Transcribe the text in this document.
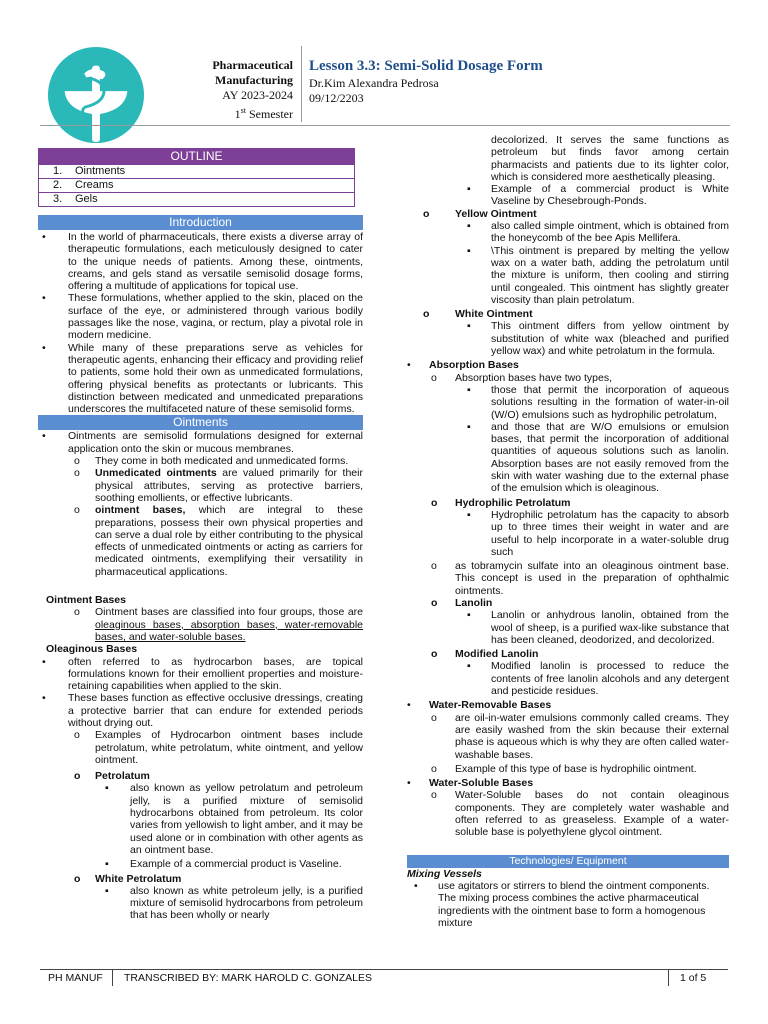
Pharmaceutical
Manufacturing
AY 2023-2024
1st Semester
Lesson 3.3: Semi-Solid Dosage Form
Dr.Kim Alexandra Pedrosa
09/12/2203
OUTLINE
1. Ointments
2. Creams
3. Gels
Introduction
• In the world of pharmaceuticals, there exists a diverse array of therapeutic formulations, each meticulously designed to cater to the unique needs of patients. Among these, ointments, creams, and gels stand as versatile semisolid dosage forms, offering a multitude of applications for topical use.
• These formulations, whether applied to the skin, placed on the surface of the eye, or administered through various bodily passages like the nose, vagina, or rectum, play a pivotal role in modern medicine.
• While many of these preparations serve as vehicles for therapeutic agents, enhancing their efficacy and providing relief to patients, some hold their own as unmedicated formulations, offering physical benefits as protectants or lubricants. This distinction between medicated and unmedicated preparations underscores the multifaceted nature of these semisolid forms.
Ointments
• Ointments are semisolid formulations designed for external application onto the skin or mucous membranes.
o They come in both medicated and unmedicated forms.
o Unmedicated ointments are valued primarily for their physical attributes, serving as protective barriers, soothing emollients, or effective lubricants.
o ointment bases, which are integral to these preparations, possess their own physical properties and can serve a dual role by either contributing to the physical effects of unmedicated ointments or acting as carriers for medicated ointments, exemplifying their versatility in pharmaceutical applications.

Ointment Bases

o Ointment bases are classified into four groups, those are oleaginous bases, absorption bases, water-removable bases, and water-soluble bases.

Oleaginous Bases

• often referred to as hydrocarbon bases, are topical formulations known for their emollient properties and moisture-retaining capabilities when applied to the skin.
• These bases function as effective occlusive dressings, creating a protective barrier that can endure for extended periods without drying out.
o Examples of Hydrocarbon ointment bases include petrolatum, white petrolatum, white ointment, and yellow ointment.
o Petrolatum
▪ also known as yellow petrolatum and petroleum jelly, is a purified mixture of semisolid hydrocarbons obtained from petroleum. Its color varies from yellowish to light amber, and it may be used alone or in combination with other agents as an ointment base.
▪ Example of a commercial product is Vaseline.
o White Petrolatum
▪ also known as white petroleum jelly, is a purified mixture of semisolid hydrocarbons from petroleum that has been wholly or nearly
decolorized. It serves the same functions as petroleum but finds favor among certain pharmacists and patients due to its lighter color, which is considered more aesthetically pleasing.
▪ Example of a commercial product is White Vaseline by Chesebrough-Ponds.
o Yellow Ointment
▪ also called simple ointment, which is obtained from the honeycomb of the bee Apis Mellifera.
▪ \This ointment is prepared by melting the yellow wax on a water bath, adding the petrolatum until the mixture is uniform, then cooling and stirring until congealed. This ointment has slightly greater viscosity than plain petrolatum.
o White Ointment
▪ This ointment differs from yellow ointment by substitution of white wax (bleached and purified yellow wax) and white petrolatum in the formula.
• Absorption Bases
o Absorption bases have two types,
▪ those that permit the incorporation of aqueous solutions resulting in the formation of water-in-oil (W/O) emulsions such as hydrophilic petrolatum,
▪ and those that are W/O emulsions or emulsion bases, that permit the incorporation of additional quantities of aqueous solutions such as lanolin. Absorption bases are not easily removed from the skin with water washing due to the external phase of the emulsion which is oleaginous.
o Hydrophilic Petrolatum
▪ Hydrophilic petrolatum has the capacity to absorb up to three times their weight in water and are useful to help incorporate in a water-soluble drug such
o as tobramycin sulfate into an oleaginous ointment base. This concept is used in the preparation of ophthalmic ointments.
o Lanolin
▪ Lanolin or anhydrous lanolin, obtained from the wool of sheep, is a purified wax-like substance that has been cleaned, deodorized, and decolorized.
o Modified Lanolin
▪ Modified lanolin is processed to reduce the contents of free lanolin alcohols and any detergent and pesticide residues.
• Water-Removable Bases
o are oil-in-water emulsions commonly called creams. They are easily washed from the skin because their external phase is aqueous which is why they are often called water-washable bases.
o Example of this type of base is hydrophilic ointment.
• Water-Soluble Bases
o Water-Soluble bases do not contain oleaginous components. They are completely water washable and often referred to as greaseless. Example of a water-soluble base is polyethylene glycol ointment.
Technologies/ Equipment

Mixing Vessels

• use agitators or stirrers to blend the ointment components. The mixing process combines the active pharmaceutical ingredients with the ointment base to form a homogenous mixture
PH MANUF TRANSCRIBED BY: MARK HAROLD C. GONZALES	1 of 5
